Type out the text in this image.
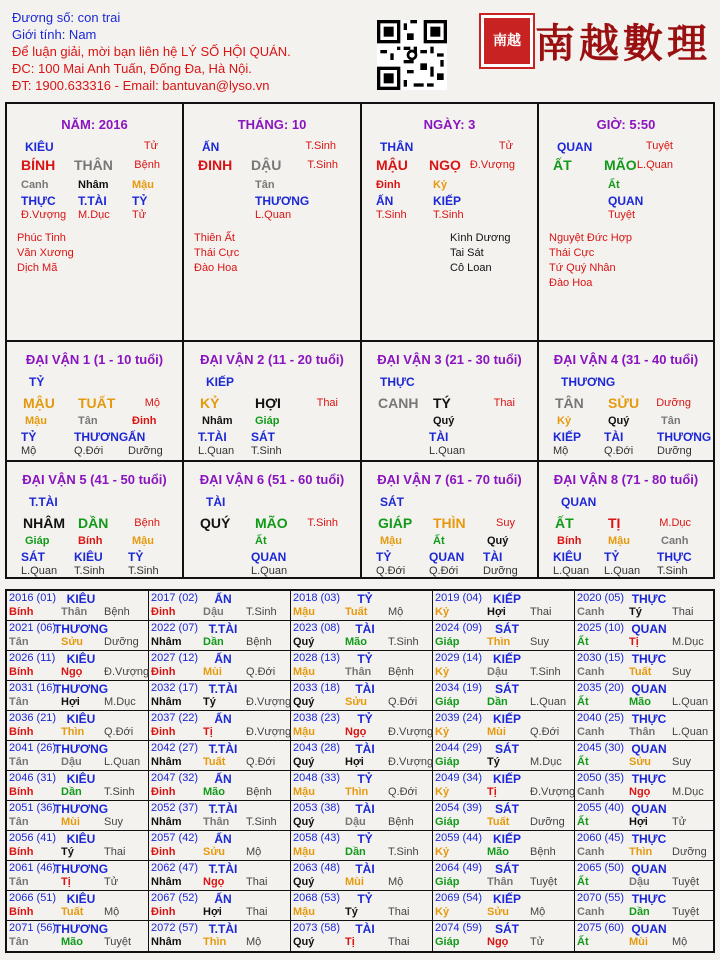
Đương số: con trai
Giới tính: Nam
Để luận giải, mời bạn liên hệ LÝ SỐ HỘI QUÁN.
ĐC: 100 Mai Anh Tuấn, Đống Đa, Hà Nội.
ĐT: 1900.633316 - Email: bantuvan@lyso.vn
南越 南越數理
NĂM: 2016
KIÊU	Tử
BÍNH THÂN Bệnh
Canh	Nhâm Mậu
THỰC T.TÀI TỶ
Đ.Vượng M.Dục Tử
Phúc Tinh
Văn Xương
Dịch Mã
THÁNG: 10
ẤN	T.Sinh
ĐINH DẬU T.Sinh
Tân
THƯƠNG
L.Quan
Thiên Ất
Thái Cực
Đào Hoa
NGÀY: 3
THÂN	Tử
MẬU NGỌ Đ.Vượng
Đinh	Kỷ
ẤN	KIẾP
T.Sinh T.Sinh
Kình Dương
Tai Sát
Cô Loan
GIỜ: 5:50
QUAN	Tuyệt
ẤT MÃO L.Quan
Ất
QUAN
Tuyệt
Nguyệt Đức Hợp
Thái Cực
Tứ Quý Nhân
Đào Hoa
ĐẠI VẬN 1 (1 - 10 tuổi)
TỶ
MẬU TUẤT	Mộ
Mậu	Tân	Đinh
TỶ	THƯƠNG ẤN
Mộ	Q.Đới Dưỡng
ĐẠI VẬN 2 (11 - 20 tuổi)
KIẾP
KỶ	HỢI	Thai
Nhâm Giáp
T.TÀI SÁT
L.Quan T.Sinh
ĐẠI VẬN 3 (21 - 30 tuổi)
THỰC
CANH TÝ	Thai
Quý
TÀI
L.Quan
ĐẠI VẬN 4 (31 - 40 tuổi)
THƯƠNG
TÂN SỬU Dưỡng
Kỷ	Quý	Tân
KIẾP TÀI	THƯƠNG
Mộ	Q.Đới Dưỡng
ĐẠI VẬN 5 (41 - 50 tuổi)
T.TÀI
NHÂM DẦN Bệnh
Giáp	Bính	Mậu
SÁT KIÊU TỶ
L.Quan T.Sinh T.Sinh
ĐẠI VẬN 6 (51 - 60 tuổi)
TÀI
QUÝ MÃO T.Sinh
Ất
QUAN
L.Quan
ĐẠI VẬN 7 (61 - 70 tuổi)
SÁT
GIÁP THÌN	Suy
Mậu	Ất	Quý
TỶ	QUAN TÀI
Q.Đới Q.Đới Dưỡng
ĐẠI VẬN 8 (71 - 80 tuổi)
QUAN
ẤT TỊ	M.Dục
Bính Mậu	Canh
KIÊU TỶ	THỰC
L.Quan L.Quan T.Sinh
2016 (01) KIÊU
Bính	Thân Bệnh
2017 (02) ẤN
Đinh	Dậu T.Sinh
2018 (03) TỶ
Mậu	Tuất Mộ
2019 (04) KIẾP
Kỷ	Hợi Thai
2020 (05) THỰC
Canh Tý	Thai
2021 (06)
THƯƠNG
Tân	Sửu Dưỡng
2022 (07) T.TÀI
Nhâm Dần Bệnh
2023 (08) TÀI
Quý	Mão T.Sinh
2024 (09) SÁT
Giáp	Thìn Suy
2025 (10) QUAN
Ất	Tị	M.Dục
2026 (11) KIÊU
Bính	Ngọ Đ.Vượng
2027 (12) ẤN
Đinh	Mùi Q.Đới
2028 (13) TỶ
Mậu	Thân Bệnh
2029 (14) KIẾP
Kỷ	Dậu T.Sinh
2030 (15) THỰC
Canh Tuất Suy
2031 (16)
THƯƠNG
Tân	Hợi M.Dục
2032 (17) T.TÀI
Nhâm Tý	Đ.Vượng
2033 (18) TÀI
Quý	Sửu Q.Đới
2034 (19) SÁT
Giáp	Dần L.Quan
2035 (20) QUAN
Ất	Mão L.Quan
2036 (21) KIÊU
Bính	Thìn Q.Đới
2037 (22) ẤN
Đinh	Tị	Đ.Vượng
2038 (23) TỶ
Mậu	Ngọ Đ.Vượng
2039 (24) KIẾP
Kỷ	Mùi Q.Đới
2040 (25) THỰC
Canh Thân L.Quan
2041 (26)
THƯƠNG
Tân	Dậu L.Quan
2042 (27) T.TÀI
Nhâm Tuất Q.Đới
2043 (28) TÀI
Quý	Hợi Đ.Vượng
2044 (29) SÁT
Giáp	Tý	M.Dục
2045 (30) QUAN
Ất	Sửu Suy
2046 (31) KIÊU
Bính	Dần T.Sinh
2047 (32) ẤN
Đinh	Mão Bệnh
2048 (33) TỶ
Mậu	Thìn Q.Đới
2049 (34) KIẾP
Kỷ	Tị	Đ.Vượng
2050 (35) THỰC
Canh Ngọ M.Dục
2051 (36)
THƯƠNG
Tân	Mùi Suy
2052 (37) T.TÀI
Nhâm Thân T.Sinh
2053 (38) TÀI
Quý	Dậu Bệnh
2054 (39) SÁT
Giáp	Tuất Dưỡng
2055 (40) QUAN
Ất	Hợi Tử
2056 (41) KIÊU
Bính	Tý	Thai
2057 (42) ẤN
Đinh	Sửu Mộ
2058 (43) TỶ
Mậu	Dần T.Sinh
2059 (44) KIẾP
Kỷ	Mão Bệnh
2060 (45) THỰC
Canh Thìn Dưỡng
2061 (46)
THƯƠNG
Tân	Tị	Tử
2062 (47) T.TÀI
Nhâm Ngọ Thai
2063 (48) TÀI
Quý	Mùi Mộ
2064 (49) SÁT
Giáp	Thân Tuyệt
2065 (50) QUAN
Ất	Dậu Tuyệt
2066 (51) KIÊU
Bính	Tuất Mộ
2067 (52) ẤN
Đinh	Hợi Thai
2068 (53) TỶ
Mậu	Tý	Thai
2069 (54) KIẾP
Kỷ	Sửu Mộ
2070 (55) THỰC
Canh Dần Tuyệt
2071 (56)
THƯƠNG
Tân	Mão Tuyệt
2072 (57) T.TÀI
Nhâm Thìn Mộ
2073 (58) TÀI
Quý	Tị	Thai
2074 (59) SÁT
Giáp	Ngọ Tử
2075 (60) QUAN
Ất	Mùi Mộ
